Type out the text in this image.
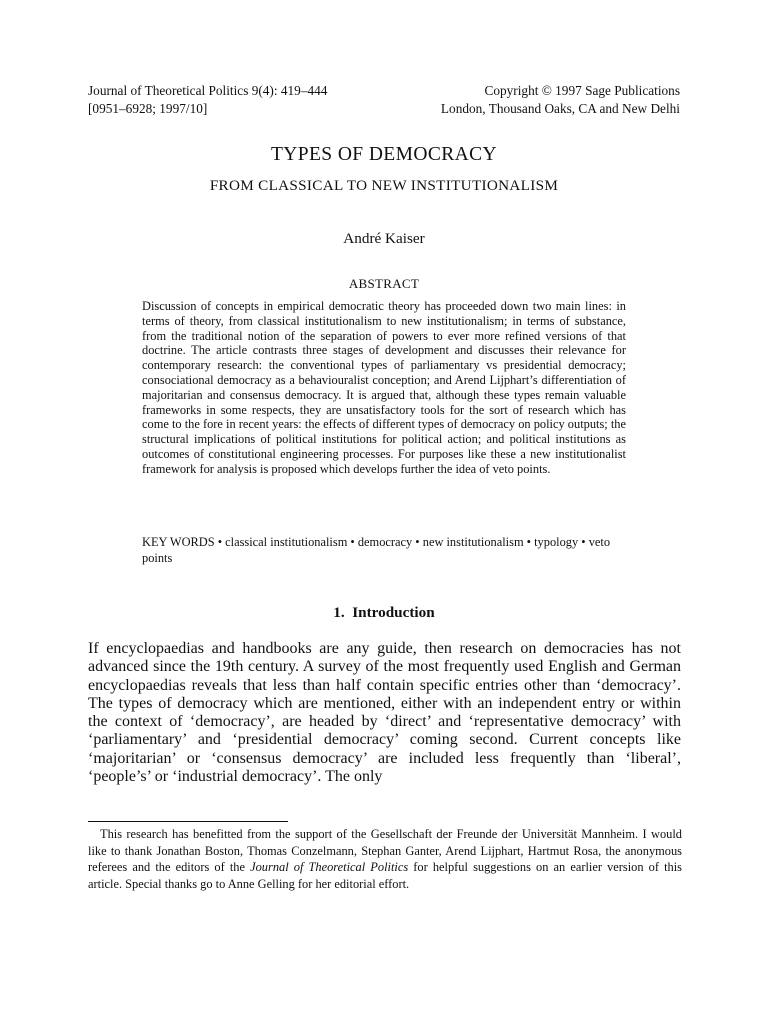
Journal of Theoretical Politics 9(4): 419–444
[0951–6928; 1997/10]
Copyright © 1997 Sage Publications
London, Thousand Oaks, CA and New Delhi
TYPES OF DEMOCRACY
FROM CLASSICAL TO NEW INSTITUTIONALISM
André Kaiser
ABSTRACT

Discussion of concepts in empirical democratic theory has proceeded down two main lines: in terms of theory, from classical institutionalism to new institutionalism; in terms of substance, from the traditional notion of the separation of powers to ever more refined versions of that doctrine. The article contrasts three stages of development and discusses their relevance for contemporary research: the conventional types of parliamentary vs presidential democracy; consociational democracy as a behaviouralist conception; and Arend Lijphart’s differentiation of majoritarian and consensus democracy. It is argued that, although these types remain valuable frameworks in some respects, they are unsatisfactory tools for the sort of research which has come to the fore in recent years: the effects of different types of democracy on policy outputs; the structural implications of political institutions for political action; and political institutions as outcomes of constitutional engineering processes. For purposes like these a new institutionalist framework for analysis is proposed which develops further the idea of veto points.

KEY WORDS • classical institutionalism • democracy • new institutionalism • typology • veto points

1. Introduction

If encyclopaedias and handbooks are any guide, then research on democracies has not advanced since the 19th century. A survey of the most frequently used English and German encyclopaedias reveals that less than half contain specific entries other than ‘democracy’. The types of democracy which are mentioned, either with an independent entry or within the context of ‘democracy’, are headed by ‘direct’ and ‘representative democracy’ with ‘parliamentary’ and ‘presidential democracy’ coming second. Current concepts like ‘majoritarian’ or ‘consensus democracy’ are included less frequently than ‘liberal’, ‘people’s’ or ‘industrial democracy’. The only

This research has benefitted from the support of the Gesellschaft der Freunde der Universität Mannheim. I would like to thank Jonathan Boston, Thomas Conzelmann, Stephan Ganter, Arend Lijphart, Hartmut Rosa, the anonymous referees and the editors of the Journal of Theoretical Politics for helpful suggestions on an earlier version of this article. Special thanks go to Anne Gelling for her editorial effort.
